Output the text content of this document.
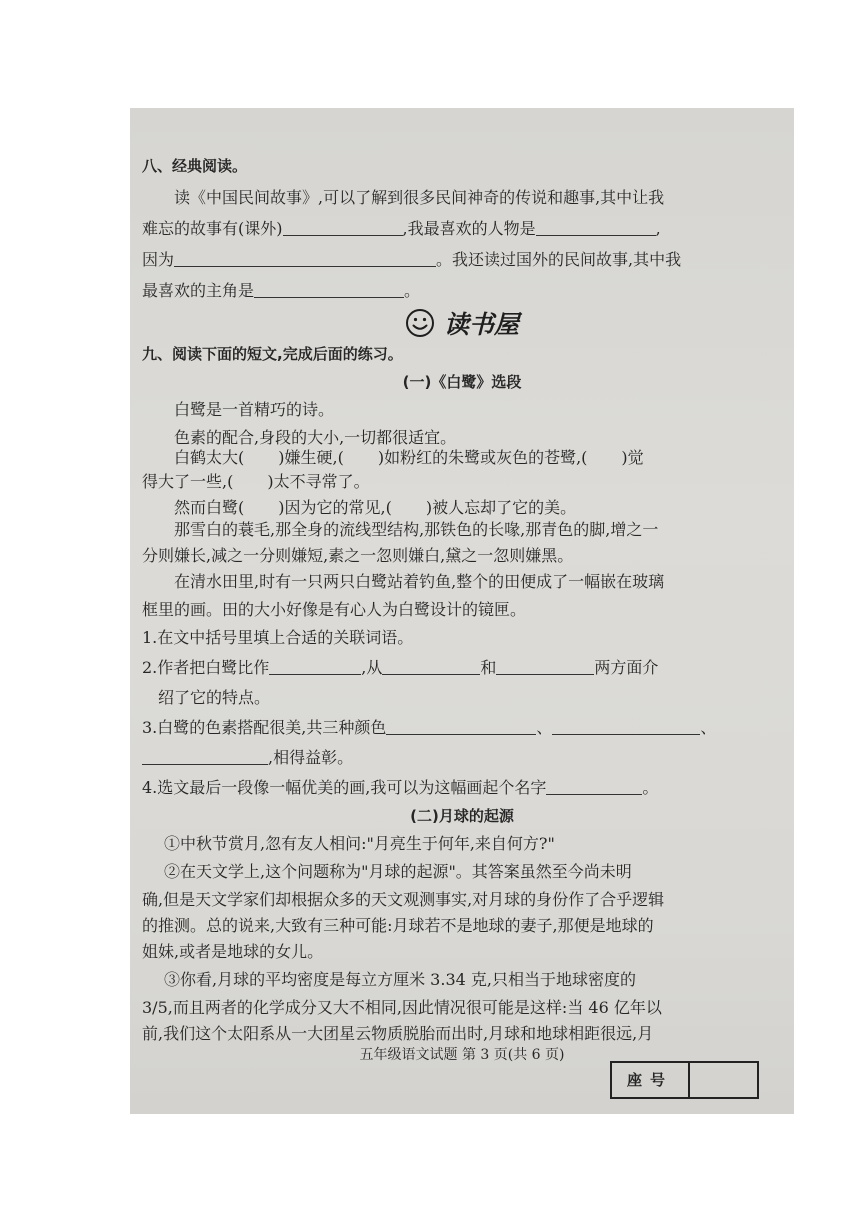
八、经典阅读。
读《中国民间故事》,可以了解到很多民间神奇的传说和趣事,其中让我
难忘的故事有(课外)	,我最喜欢的人物是	,
因为	。我还读过国外的民间故事,其中我
最喜欢的主角是	。
读书屋
九、阅读下面的短文,完成后面的练习。
(一)《白鹭》选段
白鹭是一首精巧的诗。
色素的配合,身段的大小,一切都很适宜。
白鹤太大( )嫌生硬,( )如粉红的朱鹭或灰色的苍鹭,( )觉
得大了一些,( )太不寻常了。
然而白鹭( )因为它的常见,( )被人忘却了它的美。
那雪白的蓑毛,那全身的流线型结构,那铁色的长喙,那青色的脚,增之一
分则嫌长,减之一分则嫌短,素之一忽则嫌白,黛之一忽则嫌黑。
在清水田里,时有一只两只白鹭站着钓鱼,整个的田便成了一幅嵌在玻璃
框里的画。田的大小好像是有心人为白鹭设计的镜匣。
1.在文中括号里填上合适的关联词语。
2.作者把白鹭比作	,从	和	两方面介
绍了它的特点。
3.白鹭的色素搭配很美,共三种颜色	、	、
,相得益彰。
4.选文最后一段像一幅优美的画,我可以为这幅画起个名字	。
(二)月球的起源
①中秋节赏月,忽有友人相问:"月亮生于何年,来自何方?"
②在天文学上,这个问题称为"月球的起源"。其答案虽然至今尚未明
确,但是天文学家们却根据众多的天文观测事实,对月球的身份作了合乎逻辑
的推测。总的说来,大致有三种可能:月球若不是地球的妻子,那便是地球的
姐妹,或者是地球的女儿。
③你看,月球的平均密度是每立方厘米 3.34 克,只相当于地球密度的
3/5,而且两者的化学成分又大不相同,因此情况很可能是这样:当 46 亿年以
前,我们这个太阳系从一大团星云物质脱胎而出时,月球和地球相距很远,月
五年级语文试题 第 3 页(共 6 页)
座号
